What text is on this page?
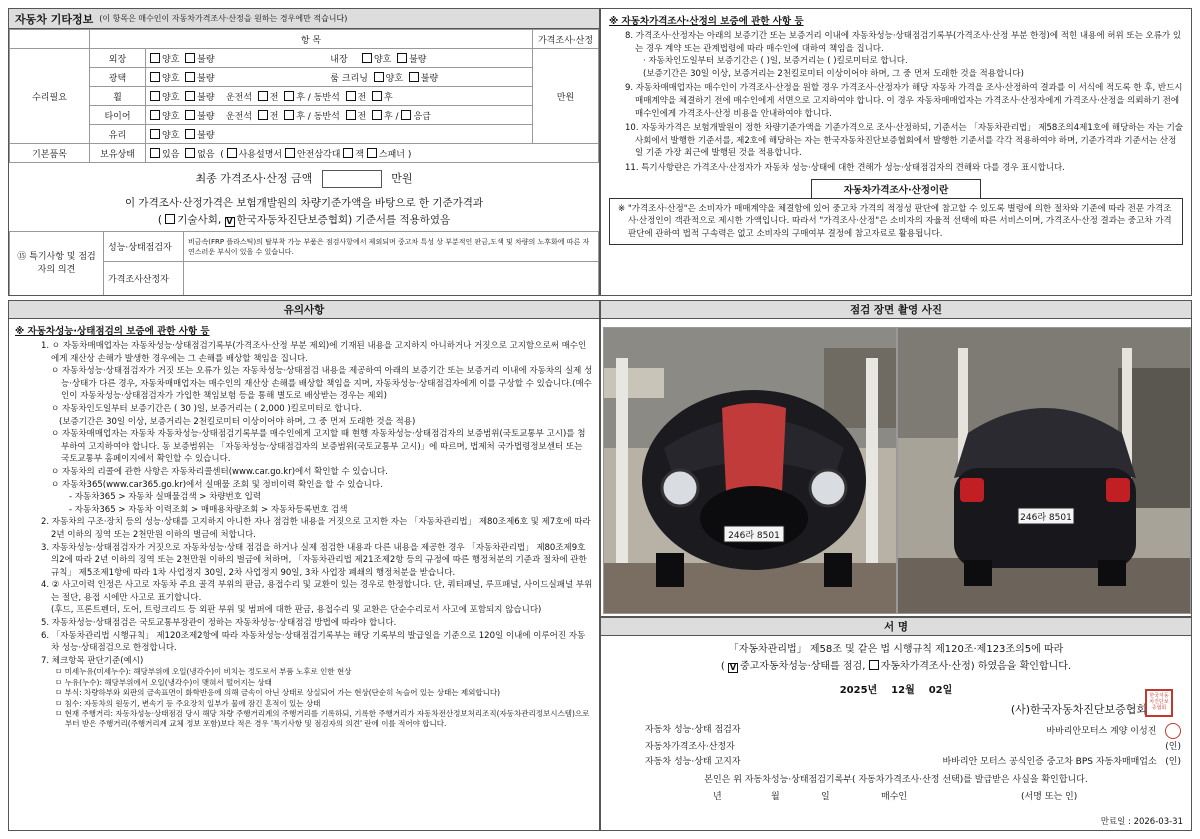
자동차 기타정보 (이 항목은 매수인이 자동차가격조사·산정을 원하는 경우에만 적습니다)
	항 목		가격조사·산정
수리필요	외장	양호 불량 내장 양호 불량	만원
	광택	양호 불량 룸 크리닝 양호 불량	
	휠	양호 불량 운전석 전 후 / 동반석 전 후	
	타이어	양호 불량 운전석 전 후 / 동반석 전 후 / 응급	
	유리	양호 불량	
기본품목	보유상태	있음 없음  ( 사용설명서 안전삼각대 잭 스패너 )	
최종 가격조사·산정 금액	만원
이 가격조사·산정가격은 보험개발원의 차량기준가액을 바탕으로 한 기준가격과
( 기술사회, V 한국자동차진단보증협회) 기준서를 적용하였음
⑮ 특기사항 및 점검자의 의견	성능·상태점검자	비금속(FRP 플라스틱)의 탈부착 가능 부품은 점검사항에서 제외되며 중고차 특성 상 부분적인 판금,도색 및 차량의 노후화에 따른 자연스러운 부식이 있을 수 있습니다.
	가격조사산정자	
※ 자동차가격조사·산정의 보증에 관한 사항 등
8. 가격조사·산정자는 아래의 보증기간 또는 보증거리 이내에 자동차성능·상태점검기록부(가격조사·산정 부분 한정)에 적힌 내용에 허위 또는 오류가 있는 경우 계약 또는 관계법령에 따라 매수인에 대하여 책임을 집니다.
· 자동차인도일부터 보증기간은 ( )일, 보증거리는 ( )킬로미터로 합니다.
(보증기간은 30일 이상, 보증거리는 2천킬로미터 이상이어야 하며, 그 중 먼저 도래한 것을 적용합니다)
9. 자동차매매업자는 매수인이 가격조사·산정을 원할 경우 가격조사·산정자가 해당 자동차 가격을 조사·산정하여 결과를 이 서식에 적도록 한 후, 반드시 매매계약을 체결하기 전에 매수인에게 서면으로 고지하여야 합니다. 이 경우 자동차매매업자는 가격조사·산정자에게 가격조사·산정을 의뢰하기 전에 매수인에게 가격조사·산정 비용을 안내하여야 합니다.
10. 자동차가격은 보험개발원이 정한 차량기준가액을 기준가격으로 조사·산정하되, 기준서는 「자동차관리법」 제58조의4제1호에 해당하는 자는 기술사회에서 발행한 기준서를, 제2호에 해당하는 자는 한국자동차진단보증협회에서 발행한 기준서를 각각 적용하여야 하며, 기준가격과 기준서는 산정일 기준 가장 최근에 발행된 것을 적용합니다.
11. 특기사항란은 가격조사·산정자가 자동차 성능·상태에 대한 견해가 성능·상태점검자의 견해와 다를 경우 표시합니다.
자동차가격조사·산정이란
※ "가격조사·산정"은 소비자가 매매계약을 체결함에 있어 중고차 가격의 적정성 판단에 참고할 수 있도록 별령에 의한 절차와 기준에 따라 전문 가격조사·산정인이 객관적으로 제시한 가액입니다. 따라서 "가격조사·산정"은 소비자의 자율적 선택에 따른 서비스이며, 가격조사·산정 결과는 중고차 가격판단에 관하여 법적 구속력은 없고 소비자의 구매여부 결정에 참고자료로 활용됩니다.
유의사항
※ 자동차성능·상태점검의 보증에 관한 사항 등
1. ㅇ 자동차매매업자는 자동차성능·상태점검기록부(가격조사·산정 부분 제외)에 기재된 내용을 고지하지 아니하거나 거짓으로 고지함으로써 매수인에게 재산상 손해가 발생한 경우에는 그 손해를 배상할 책임을 집니다.
ㅇ 자동차성능·상태점검자가 거짓 또는 오류가 있는 자동차성능·상태점검 내용을 제공하여 아래의 보증기간 또는 보증거리 이내에 자동차의 실제 성능·상태가 다른 경우, 자동차매매업자는 매수인의 재산상 손해를 배상할 책임을 지며, 자동차성능·상태점검자에게 이를 구상할 수 있습니다.(매수인이 자동차성능·상태점검자가 가입한 책임보험 등을 통해 별도로 배상받는 경우는 제외)
ㅇ 자동차인도일부터 보증기간은 ( 30 )일, 보증거리는 ( 2,000 )킬로미터로 합니다.
(보증기간은 30일 이상, 보증거리는 2천킬로미터 이상이어야 하며, 그 중 먼저 도래한 것을 적용)
ㅇ 자동차매매업자는 자동차 자동차성능·상태점검기록부를 매수인에게 고지할 때 현행 자동차성능·상태점검자의 보증범위(국토교통부 고시)를 첨부하여 고지하여야 합니다. 동 보증범위는 「자동차성능·상태점검자의 보증범위(국토교통부 고시)」에 따르며, 법제처 국가법령정보센터 또는 국토교통부 홈페이지에서 확인할 수 있습니다.
ㅇ 자동차의 리콜에 관한 사항은 자동차리콜센터(www.car.go.kr)에서 확인할 수 있습니다.
ㅇ 자동차365(www.car365.go.kr)에서 실매물 조회 및 정비이력 확인을 할 수 있습니다.
- 자동차365 > 자동차 실매물검색 > 차량번호 입력
- 자동차365 > 자동차 이력조회 > 매매용차량조회 > 자동차등록번호 검색
2. 자동차의 구조·장치 등의 성능·상태를 고지하지 아니한 자나 점검한 내용을 거짓으로 고지한 자는 「자동차관리법」 제80조제6호 및 제7호에 따라 2년 이하의 징역 또는 2천만원 이하의 벌금에 처합니다.
3. 자동차성능·상태점검자가 거짓으로 자동차성능·상태 점검을 하거나 실제 점검한 내용과 다른 내용을 제공한 경우 「자동차관리법」 제80조제9호의2에 따라 2년 이하의 징역 또는 2천만원 이하의 벌금에 처하며, 「자동차관리법 제21조제2항 등의 규정에 따른 행정처분의 기준과 절차에 관한 규칙」 제5조제1항에 따라 1차 사업정지 30일, 2차 사업정지 90일, 3차 사업장 폐쇄의 행정처분을 받습니다.
4. ② 사고이력 인정은 사고로 자동차 주요 골격 부위의 판금, 용접수리 및 교환이 있는 경우로 한정합니다. 단, 쿼터패널, 루프패널, 사이드실패널 부위는 절단, 용접 시에만 사고로 표기합니다.
(후드, 프론트펜더, 도어, 트렁크리드 등 외판 부위 및 범퍼에 대한 판금, 용접수리 및 교환은 단순수리로서 사고에 포함되지 않습니다)
5. 자동차성능·상태점검은 국토교통부장관이 정하는 자동차성능·상태점검 방법에 따라야 합니다.
6. 「자동차관리법 시행규칙」 제120조제2항에 따라 자동차성능·상태점검기록부는 해당 기록부의 발급일을 기준으로 120일 이내에 이루어진 자동차 성능·상태점검으로 한정합니다.
7. 체크항목 판단기준(예시)
ㅁ 미세누유(미세누수): 해당부위에 오일(냉각수)이 비치는 정도로서 부품 노후로 인한 현상
ㅁ 누유(누수): 해당부위에서 오일(냉각수)이 맺혀서 떨어지는 상태
ㅁ 부식: 차량하부와 외판의 금속표면이 화학반응에 의해 금속이 아닌 상태로 상실되어 가는 현상(단순히 녹슬어 있는 상태는 제외합니다)
ㅁ 침수: 자동차의 원동기, 변속기 등 주요장치 일부가 물에 잠긴 흔적이 있는 상태
ㅁ 현재 주행거리: 자동차성능·상태점검 당시 해당 차량 주행거리계의 주행거리를 기록하되, 기록한 주행거리가 자동차전산정보처리조직(자동차관리정보시스템)으로부터 받은 주행거리(주행거리계 교체 정보 포함)보다 적은 경우 '특기사항 및 점검자의 의견' 란에 이를 적어야 합니다.
점검 장면 촬영 사진
246라 8501
246라 8501
서 명
「자동차관리법」 제58조 및 같은 법 시행규칙 제120조·제123조의5에 따라
( V 중고자동차성능·상태를 점검, 자동차가격조사·산정) 하였음을 확인합니다.
2025년 12월 02일
(사)한국자동차진단보증협회
한국자동차진단보증협회
자동차 성능·상태 점검자	바바리안모터스 계양 이성진
자동차가격조사·산정자	(인)
자동차 성능·상태 고지자	바바리안 모터스 공식인증 중고차 BPS 자동차매매업소 (인)
본인은 위 자동차성능·상태점검기록부( 자동차가격조사·산정 선택)를 발급받은 사실을 확인합니다.
년	월	일	매수인	(서명 또는 인)
만료일 : 2026-03-31
